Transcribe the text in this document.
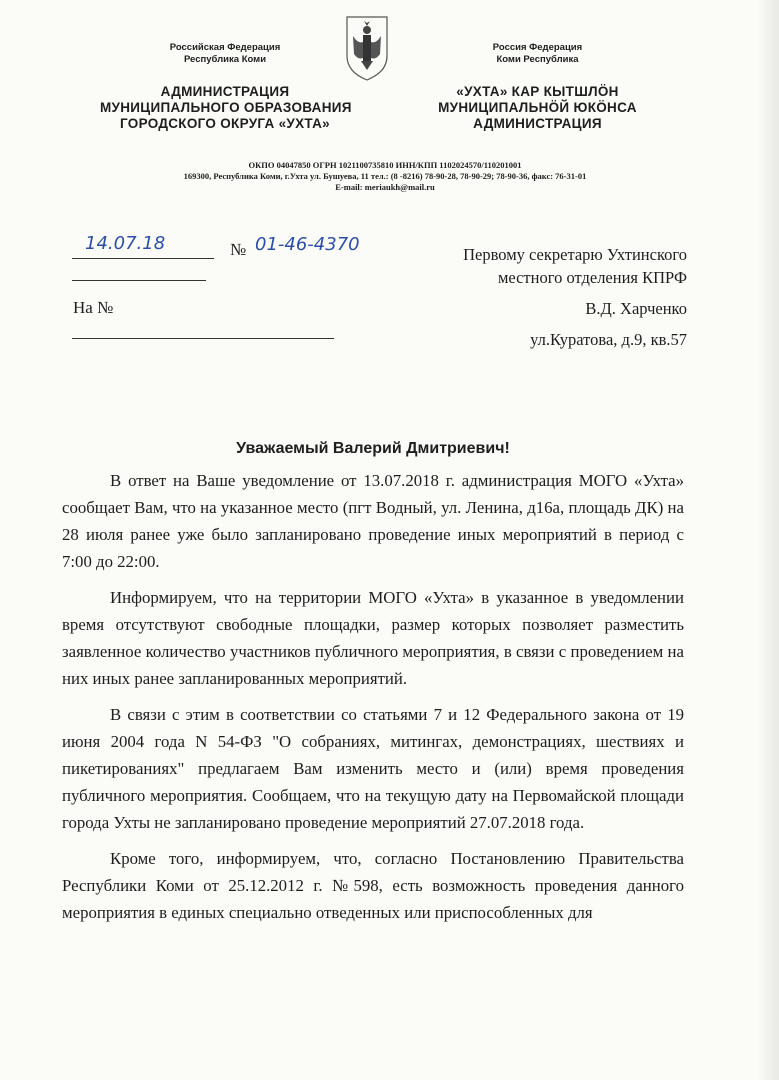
Российская Федерация
Республика Коми
АДМИНИСТРАЦИЯ
МУНИЦИПАЛЬНОГО ОБРАЗОВАНИЯ
ГОРОДСКОГО ОКРУГА «УХТА»
Россия Федерация
Коми Республика
«УХТА» КАР КЫТШЛÖН
МУНИЦИПАЛЬНÖЙ ЮКÖНСА
АДМИНИСТРАЦИЯ
ОКПО 04047850 ОГРН 1021100735810 ИНН/КПП 1102024570/110201001
169300, Республика Коми, г.Ухта ул. Бушуева, 11 тел.: (8 -8216) 78-90-28, 78-90-29; 78-90-36, факс: 76-31-01
E-mail: meriaukh@mail.ru
14.07.18	№ 01-46-4370
На №
Первому секретарю Ухтинского
местного отделения КПРФ
В.Д. Харченко
ул.Куратова, д.9, кв.57
Уважаемый Валерий Дмитриевич!

В ответ на Ваше уведомление от 13.07.2018 г. администрация МОГО «Ухта» сообщает Вам, что на указанное место (пгт Водный, ул. Ленина, д16а, площадь ДК) на 28 июля ранее уже было запланировано проведение иных мероприятий в период с 7:00 до 22:00.

Информируем, что на территории МОГО «Ухта» в указанное в уведомлении время отсутствуют свободные площадки, размер которых позволяет разместить заявленное количество участников публичного мероприятия, в связи с проведением на них иных ранее запланированных мероприятий.

В связи с этим в соответствии со статьями 7 и 12 Федерального закона от 19 июня 2004 года N 54-ФЗ "О собраниях, митингах, демонстрациях, шествиях и пикетированиях" предлагаем Вам изменить место и (или) время проведения публичного мероприятия. Сообщаем, что на текущую дату на Первомайской площади города Ухты не запланировано проведение мероприятий 27.07.2018 года.

Кроме того, информируем, что, согласно Постановлению Правительства Республики Коми от 25.12.2012 г. №598, есть возможность проведения данного мероприятия в единых специально отведенных или приспособленных для
